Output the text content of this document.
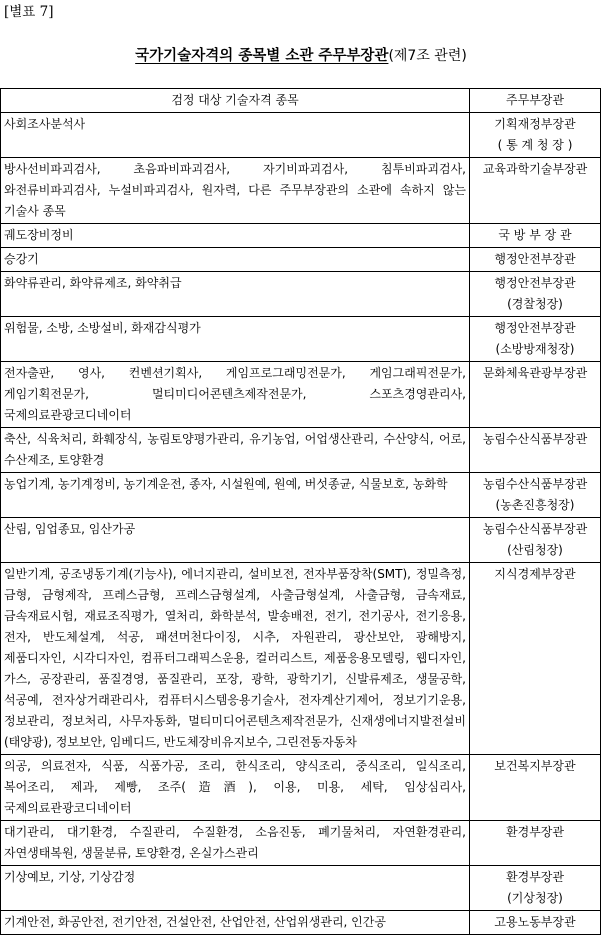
[별표 7]
국가기술자격의 종목별 소관 주무부장관(제7조 관련)
검정 대상 기술자격 종목	주무부장관
사회조사분석사	기획재정부장관
( 통 계 청 장 )

방사선비파괴검사, 초음파비파괴검사, 자기비파괴검사, 침투비파괴검사, 와전류비파괴검사, 누설비파괴검사, 원자력, 다른 주무부장관의 소관에 속하지 않는 기술사 종목	교육과학기술부장관

궤도장비정비	국 방 부 장 관

승강기	행정안전부장관

화약류관리, 화약류제조, 화약취급	행정안전부장관
(경찰청장)

위험물, 소방, 소방설비, 화재감식평가	행정안전부장관
(소방방재청장)

전자출판, 영사, 컨벤션기획사, 게임프로그래밍전문가, 게임그래픽전문가, 게임기획전문가, 멀티미디어콘텐츠제작전문가, 스포츠경영관리사, 국제의료관광코디네이터	문화체육관광부장관

축산, 식육처리, 화훼장식, 농림토양평가관리, 유기농업, 어업생산관리, 수산양식, 어로, 수산제조, 토양환경	농림수산식품부장관

농업기계, 농기계정비, 농기계운전, 종자, 시설원예, 원예, 버섯종균, 식물보호, 농화학	농림수산식품부장관
(농촌진흥청장)

산림, 임업종묘, 임산가공	농림수산식품부장관
(산림청장)

일반기계, 공조냉동기계(기능사), 에너지관리, 설비보전, 전자부품장착(SMT), 정밀측정, 금형, 금형제작, 프레스금형, 프레스금형설계, 사출금형설계, 사출금형, 금속재료, 금속재료시험, 재료조직평가, 열처리, 화학분석, 발송배전, 전기, 전기공사, 전기응용, 전자, 반도체설계, 석공, 패션머천다이징, 시추, 자원관리, 광산보안, 광해방지, 제품디자인, 시각디자인, 컴퓨터그래픽스운용, 컬러리스트, 제품응용모델링, 웹디자인, 가스, 공장관리, 품질경영, 품질관리, 포장, 광학, 광학기기, 신발류제조, 생물공학, 석공예, 전자상거래관리사, 컴퓨터시스템응용기술사, 전자계산기제어, 정보기기운용, 정보관리, 정보처리, 사무자동화, 멀티미디어콘텐츠제작전문가, 신재생에너지발전설비(태양광), 정보보안, 임베디드, 반도체장비유지보수, 그린전동자동차	지식경제부장관

의공, 의료전자, 식품, 식품가공, 조리, 한식조리, 양식조리, 중식조리, 일식조리, 복어조리, 제과, 제빵, 조주(造酒), 이용, 미용, 세탁, 임상심리사, 국제의료관광코디네이터	보건복지부장관

대기관리, 대기환경, 수질관리, 수질환경, 소음진동, 폐기물처리, 자연환경관리, 자연생태복원, 생물분류, 토양환경, 온실가스관리	환경부장관

기상예보, 기상, 기상감정	환경부장관
(기상청장)

기계안전, 화공안전, 전기안전, 건설안전, 산업안전, 산업위생관리, 인간공	고용노동부장관
